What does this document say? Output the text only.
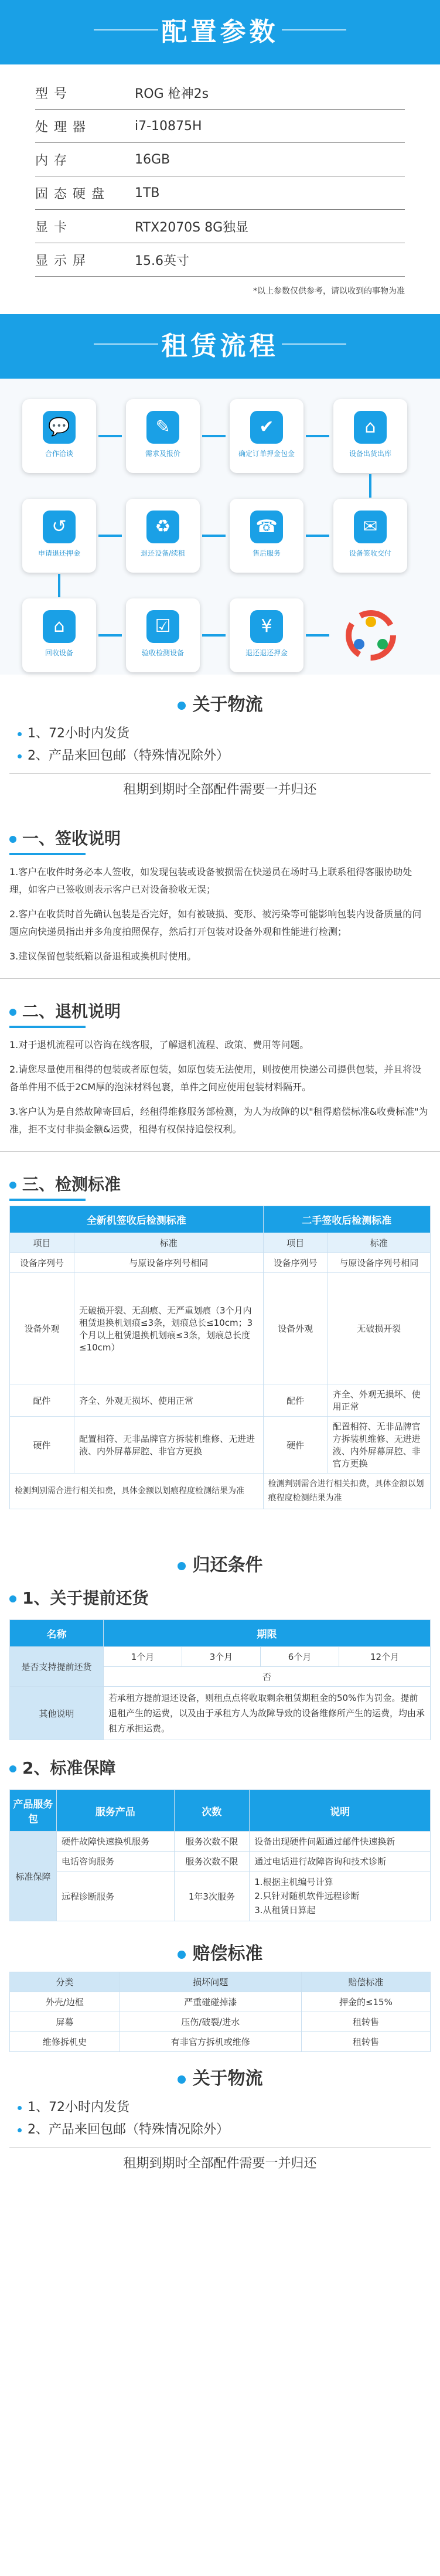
配置参数
型号	ROG 枪神2s
处理器	i7-10875H
内存	16GB
固态硬盘	1TB
显卡	RTX2070S 8G独显
显示屏	15.6英寸
*以上参数仅供参考，请以收到的事物为准
租赁流程
💬
合作洽谈
✎
需求及报价
✔
确定订单押金包金
⌂
设备出货出库
✉
设备签收交付
☎
售后服务
♻
退还设备/续租
↺
申请退还押金
⌂
回收设备
☑
验收检测设备
¥
退还退还押金
关于物流
1、72小时内发货
2、产品来回包邮（特殊情况除外）
租期到期时全部配件需要一并归还
一、签收说明
1.客户在收件时务必本人签收，如发现包装或设备被损需在快递员在场时马上联系租得客服协助处理，如客户已签收则表示客户已对设备验收无误；
2.客户在收货时首先确认包装是否完好，如有被破损、变形、被污染等可能影响包装内设备质量的问题应向快递员指出并多角度拍照保存，然后打开包装对设备外观和性能进行检测；
3.建议保留包装纸箱以备退租或换机时使用。
二、退机说明
1.对于退机流程可以咨询在线客服，了解退机流程、政策、费用等问题。
2.请您尽量使用租得的包装或者原包装，如原包装无法使用，则按使用快递公司提供包装，并且将设备单件用不低于2CM厚的泡沫材料包裹，单件之间应使用包装材料隔开。
3.客户认为是自然故障寄回后，经租得维修服务部检测，为人为故障的以"租得赔偿标准&收费标准"为准，拒不支付非损金额&运费，租得有权保持追偿权利。
三、检测标准
全新机签收后检测标准		二手签收后检测标准	
项目	标准	项目	标准
设备序列号	与原设备序列号相同	设备序列号	与原设备序列号相同
设备外观	无破损开裂、无刮痕、无严重划痕（3个月内租赁退换机划痕≤3条，划痕总长≤10cm；3个月以上租赁退换机划痕≤3条，划痕总长度≤10cm）	设备外观	无破损开裂
配件	齐全、外观无损坏、使用正常	配件	齐全、外观无损坏、使用正常
硬件	配置相符、无非品牌官方拆装机维修、无进进液、内外屏幕屏腔、非官方更换	硬件	配置相符、无非品牌官方拆装机维修、无进进液、内外屏幕屏腔、非官方更换
检测判别需合进行相关扣费，具体金额以划痕程度检测结果为准		检测判别需合进行相关扣费，具体金额以划痕程度检测结果为准	
归还条件
1、关于提前还货
名称	期限			
是否支持提前还货	1个月	3个月	6个月	12个月
	否			
其他说明	若承租方提前退还设备，则租点点将收取剩余租赁期租金的50%作为罚金。提前退租产生的运费，以及由于承租方人为故障导致的设备维修所产生的运费，均由承租方承担运费。			
2、标准保障
产品服务包	服务产品	次数	说明
标准保障	硬件故障快速换机服务	服务次数不限	设备出现硬件问题通过邮件快速换新
	电话咨询服务	服务次数不限	通过电话进行故障咨询和技术诊断
	远程诊断服务	1年3次服务	1.根据主机编号计算
2.只针对随机软件远程诊断
3.从租赁日算起
赔偿标准
分类	损坏问题	赔偿标准
外壳/边框	严重碰碰掉漆	押金的≤15%
屏幕	压伤/破裂/进水	租转售
维修拆机史	有非官方拆机或维修	租转售
关于物流
1、72小时内发货
2、产品来回包邮（特殊情况除外）
租期到期时全部配件需要一并归还
